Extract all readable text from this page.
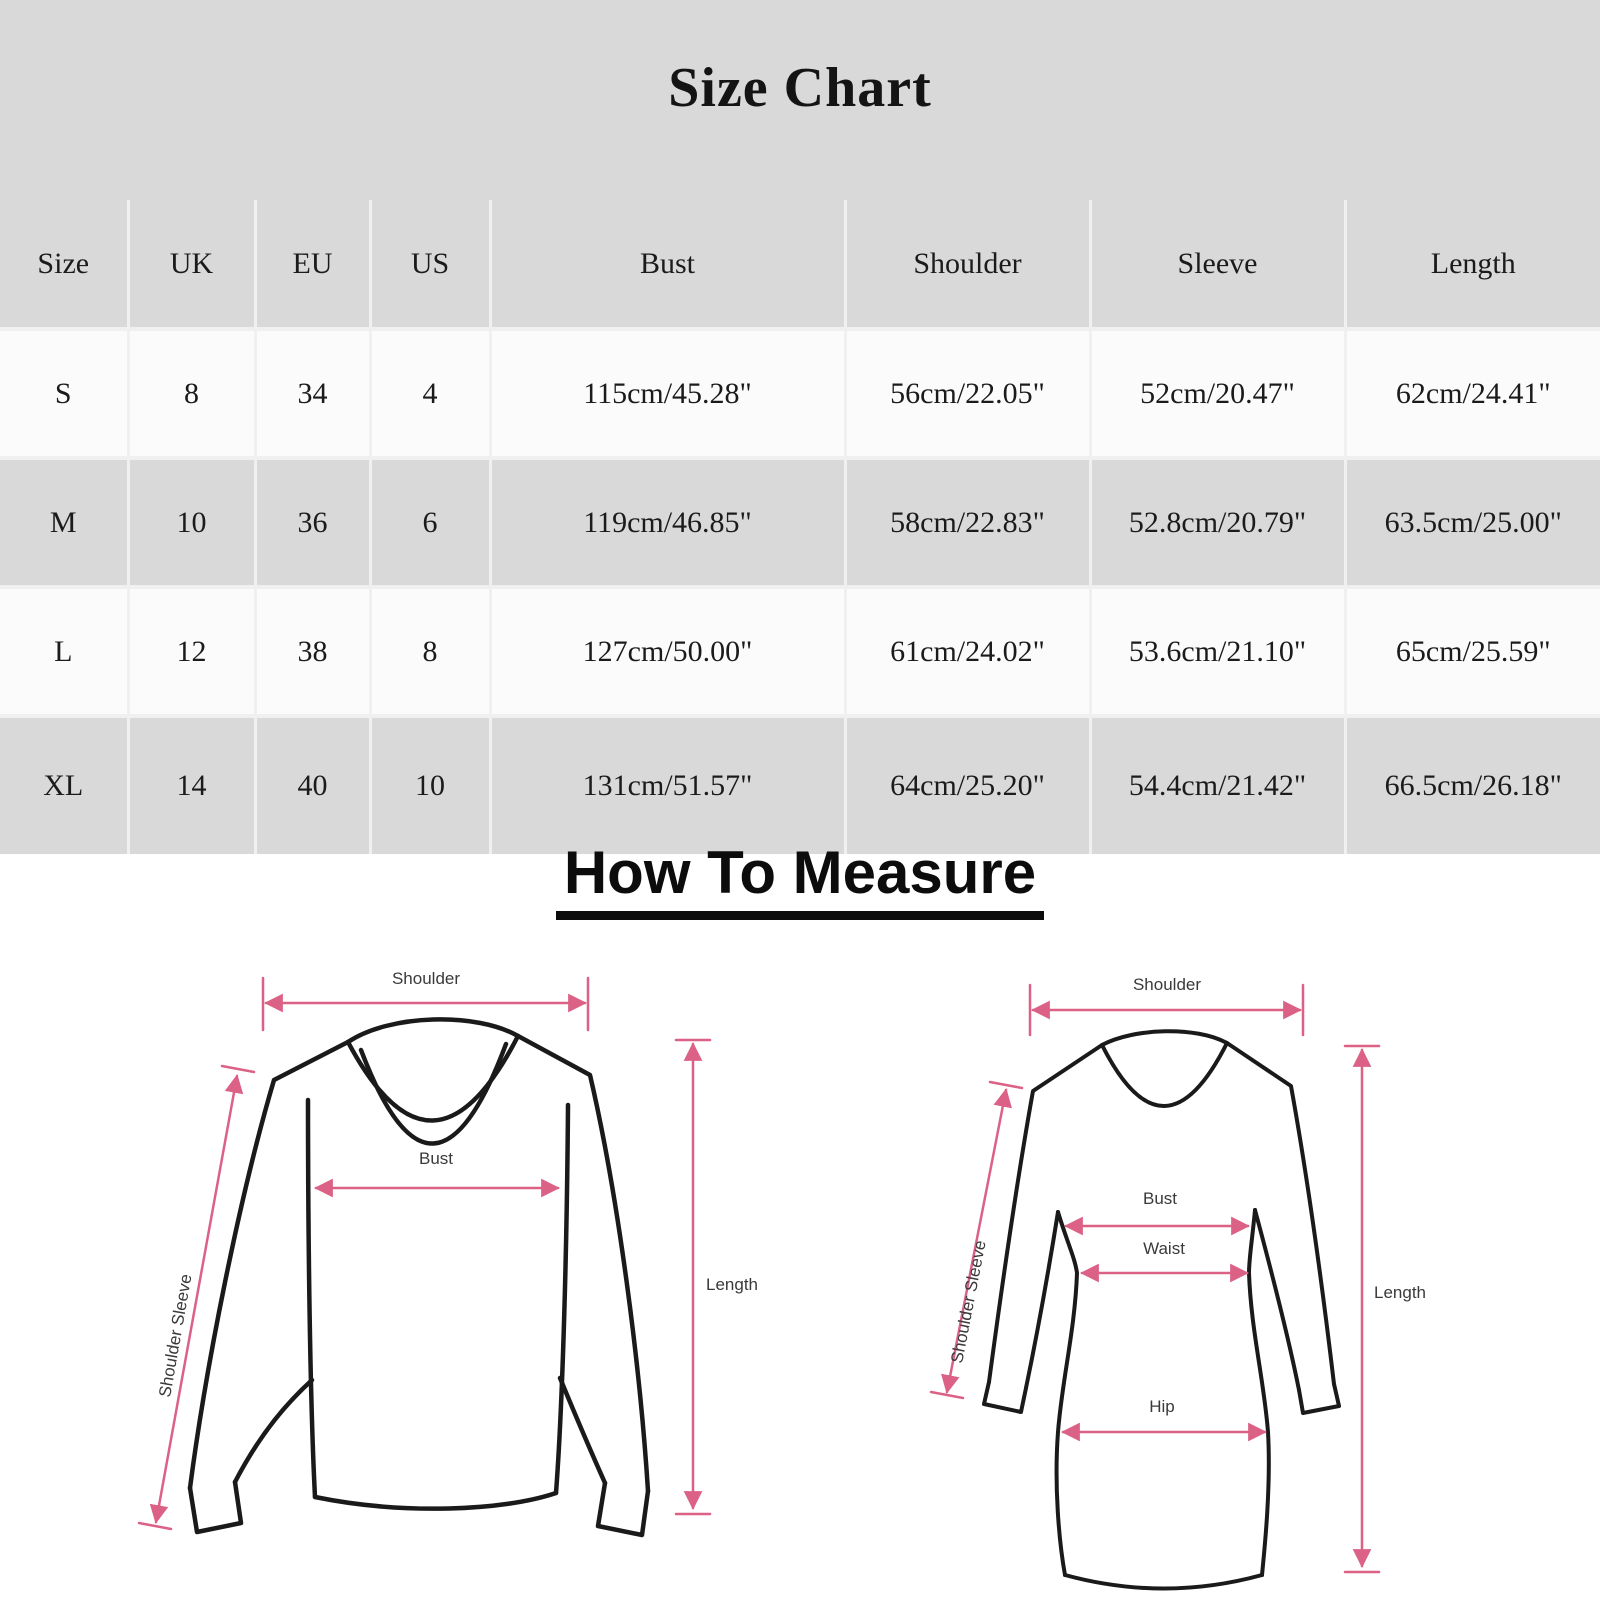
Size Chart
Size	UK	EU	US	Bust	Shoulder	Sleeve	Length
S	8	34	4	115cm/45.28"	56cm/22.05"	52cm/20.47"	62cm/24.41"
M	10	36	6	119cm/46.85"	58cm/22.83"	52.8cm/20.79"	63.5cm/25.00"
L	12	38	8	127cm/50.00"	61cm/24.02"	53.6cm/21.10"	65cm/25.59"
XL	14	40	10	131cm/51.57"	64cm/25.20"	54.4cm/21.42"	66.5cm/26.18"
How To Measure
Shoulder
Bust
Length
Shoulder Sleeve
Shoulder
Bust
Waist
Hip
Length
Shoulder Sleeve
